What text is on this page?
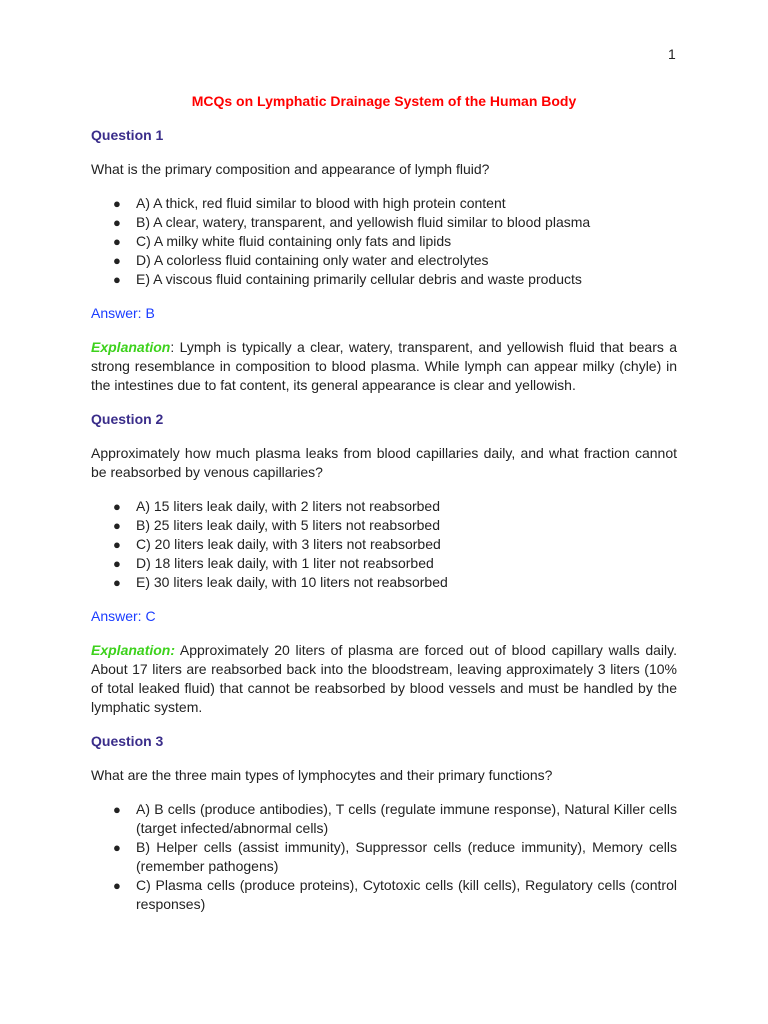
1
MCQs on Lymphatic Drainage System of the Human Body
Question 1
What is the primary composition and appearance of lymph fluid?
● A) A thick, red fluid similar to blood with high protein content
● B) A clear, watery, transparent, and yellowish fluid similar to blood plasma
● C) A milky white fluid containing only fats and lipids
● D) A colorless fluid containing only water and electrolytes
● E) A viscous fluid containing primarily cellular debris and waste products
Answer: B
Explanation: Lymph is typically a clear, watery, transparent, and yellowish fluid that bears a strong resemblance in composition to blood plasma. While lymph can appear milky (chyle) in the intestines due to fat content, its general appearance is clear and yellowish.
Question 2
Approximately how much plasma leaks from blood capillaries daily, and what fraction cannot be reabsorbed by venous capillaries?
● A) 15 liters leak daily, with 2 liters not reabsorbed
● B) 25 liters leak daily, with 5 liters not reabsorbed
● C) 20 liters leak daily, with 3 liters not reabsorbed
● D) 18 liters leak daily, with 1 liter not reabsorbed
● E) 30 liters leak daily, with 10 liters not reabsorbed
Answer: C
Explanation: Approximately 20 liters of plasma are forced out of blood capillary walls daily. About 17 liters are reabsorbed back into the bloodstream, leaving approximately 3 liters (10% of total leaked fluid) that cannot be reabsorbed by blood vessels and must be handled by the lymphatic system.
Question 3
What are the three main types of lymphocytes and their primary functions?
● A) B cells (produce antibodies), T cells (regulate immune response), Natural Killer cells (target infected/abnormal cells)
● B) Helper cells (assist immunity), Suppressor cells (reduce immunity), Memory cells (remember pathogens)
● C) Plasma cells (produce proteins), Cytotoxic cells (kill cells), Regulatory cells (control responses)
